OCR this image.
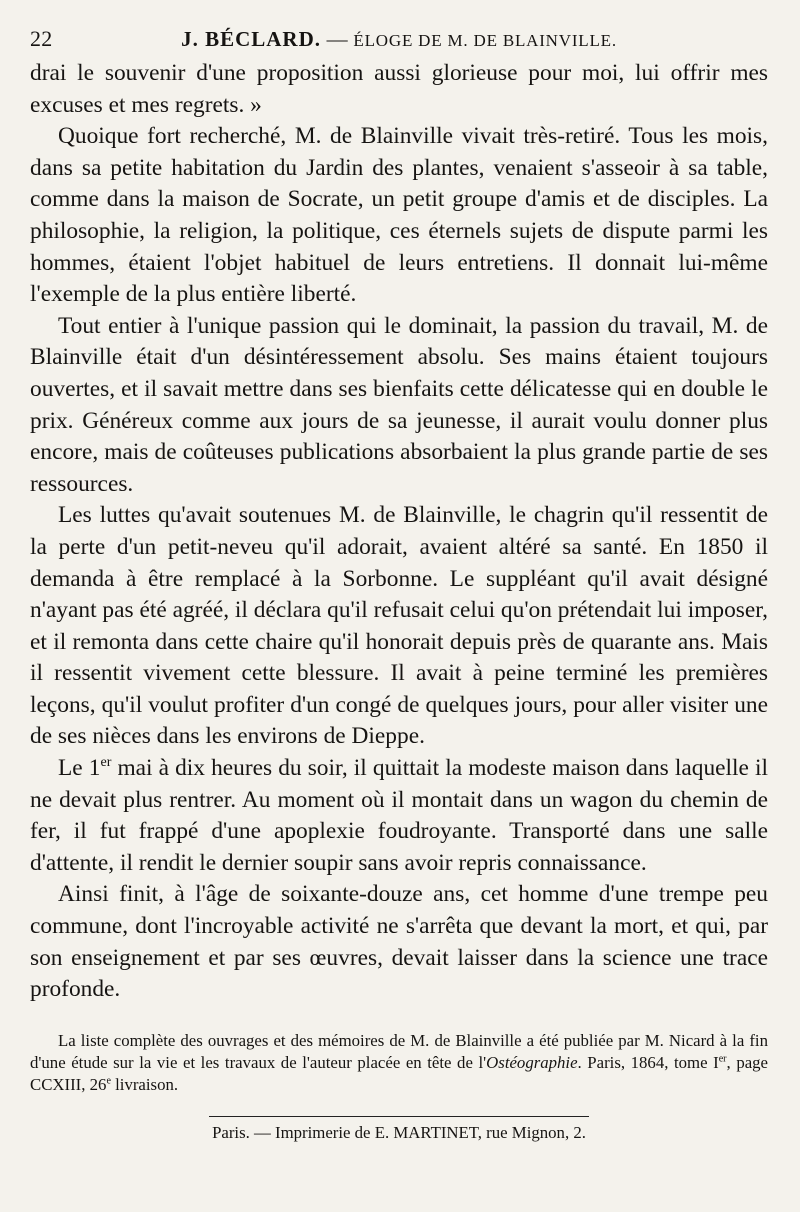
22	J. BÉCLARD. — ÉLOGE DE M. DE BLAINVILLE.

drai le souvenir d'une proposition aussi glorieuse pour moi, lui offrir mes excuses et mes regrets. »

Quoique fort recherché, M. de Blainville vivait très-retiré. Tous les mois, dans sa petite habitation du Jardin des plantes, venaient s'asseoir à sa table, comme dans la maison de Socrate, un petit groupe d'amis et de disciples. La philosophie, la religion, la politique, ces éternels sujets de dispute parmi les hommes, étaient l'objet habituel de leurs entretiens. Il donnait lui-même l'exemple de la plus entière liberté.

Tout entier à l'unique passion qui le dominait, la passion du travail, M. de Blainville était d'un désintéressement absolu. Ses mains étaient toujours ouvertes, et il savait mettre dans ses bienfaits cette délicatesse qui en double le prix. Généreux comme aux jours de sa jeunesse, il aurait voulu donner plus encore, mais de coûteuses publications absorbaient la plus grande partie de ses ressources.

Les luttes qu'avait soutenues M. de Blainville, le chagrin qu'il ressentit de la perte d'un petit-neveu qu'il adorait, avaient altéré sa santé. En 1850 il demanda à être remplacé à la Sorbonne. Le suppléant qu'il avait désigné n'ayant pas été agréé, il déclara qu'il refusait celui qu'on prétendait lui imposer, et il remonta dans cette chaire qu'il honorait depuis près de quarante ans. Mais il ressentit vivement cette blessure. Il avait à peine terminé les premières leçons, qu'il voulut profiter d'un congé de quelques jours, pour aller visiter une de ses nièces dans les environs de Dieppe.

Le 1er mai à dix heures du soir, il quittait la modeste maison dans laquelle il ne devait plus rentrer. Au moment où il montait dans un wagon du chemin de fer, il fut frappé d'une apoplexie foudroyante. Transporté dans une salle d'attente, il rendit le dernier soupir sans avoir repris connaissance.

Ainsi finit, à l'âge de soixante-douze ans, cet homme d'une trempe peu commune, dont l'incroyable activité ne s'arrêta que devant la mort, et qui, par son enseignement et par ses œuvres, devait laisser dans la science une trace profonde.

La liste complète des ouvrages et des mémoires de M. de Blainville a été publiée par M. Nicard à la fin d'une étude sur la vie et les travaux de l'auteur placée en tête de l'Ostéographie. Paris, 1864, tome Ier, page CCXIII, 26e livraison.
Paris. — Imprimerie de E. MARTINET, rue Mignon, 2.
